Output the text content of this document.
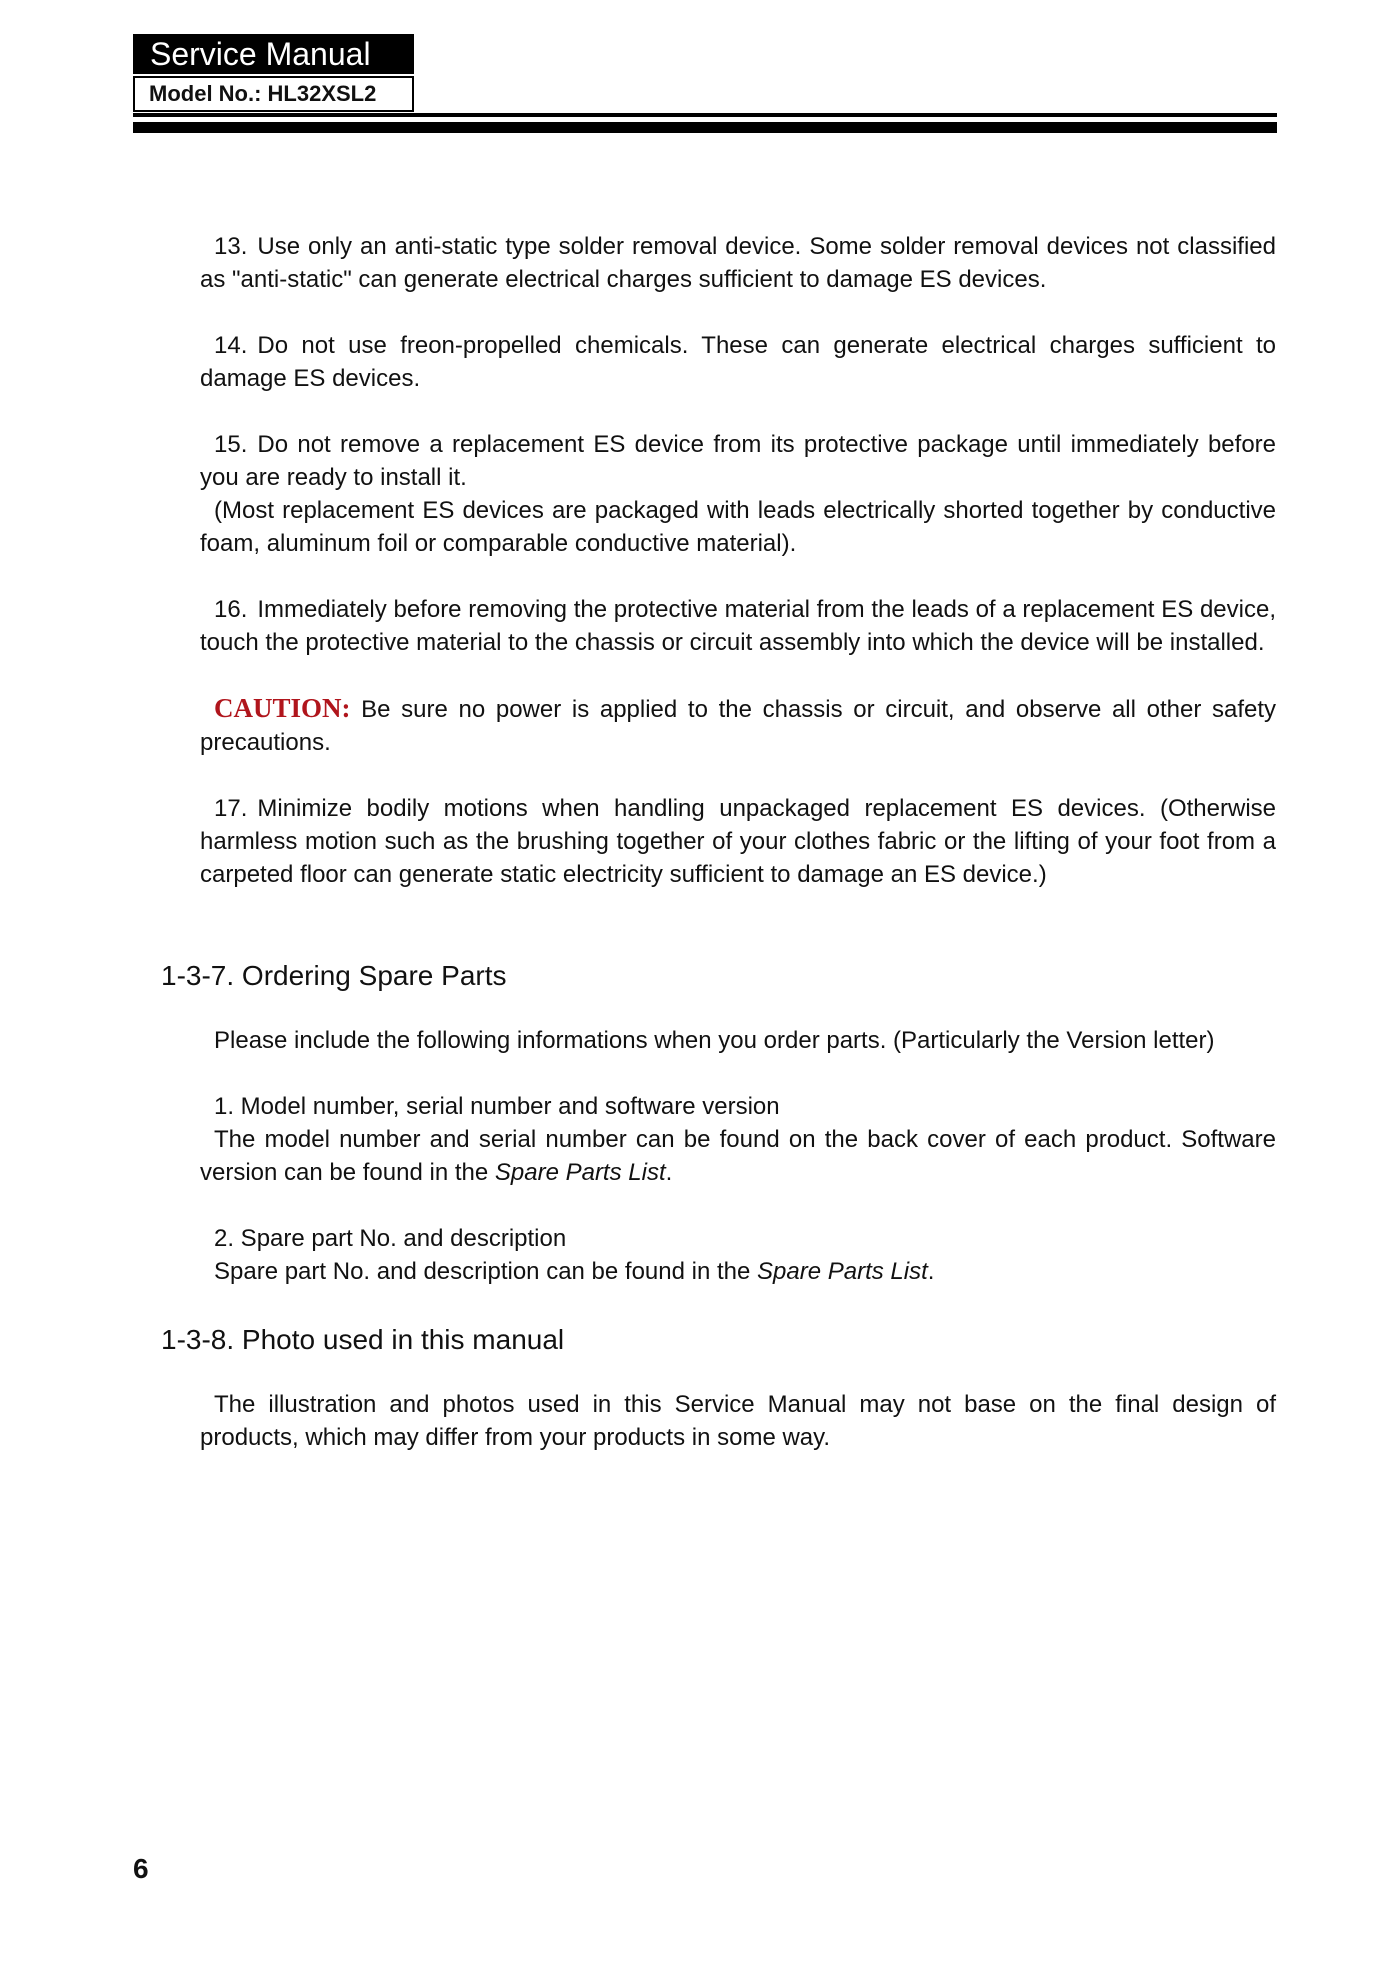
Service Manual
Model No.: HL32XSL2

13. Use only an anti-static type solder removal device. Some solder removal devices not classified as "anti-static" can generate electrical charges sufficient to damage ES devices.

14. Do not use freon-propelled chemicals. These can generate electrical charges sufficient to damage ES devices.

15. Do not remove a replacement ES device from its protective package until immediately before you are ready to install it.

(Most replacement ES devices are packaged with leads electrically shorted together by conductive foam, aluminum foil or comparable conductive material).

16. Immediately before removing the protective material from the leads of a replacement ES device, touch the protective material to the chassis or circuit assembly into which the device will be installed.

CAUTION: Be sure no power is applied to the chassis or circuit, and observe all other safety precautions.

17. Minimize bodily motions when handling unpackaged replacement ES devices. (Otherwise harmless motion such as the brushing together of your clothes fabric or the lifting of your foot from a carpeted floor can generate static electricity sufficient to damage an ES device.)

1-3-7. Ordering Spare Parts

Please include the following informations when you order parts. (Particularly the Version letter)

1. Model number, serial number and software version

The model number and serial number can be found on the back cover of each product. Software version can be found in the Spare Parts List.

2. Spare part No. and description

Spare part No. and description can be found in the Spare Parts List.

1-3-8. Photo used in this manual

The illustration and photos used in this Service Manual may not base on the final design of products, which may differ from your products in some way.

6
